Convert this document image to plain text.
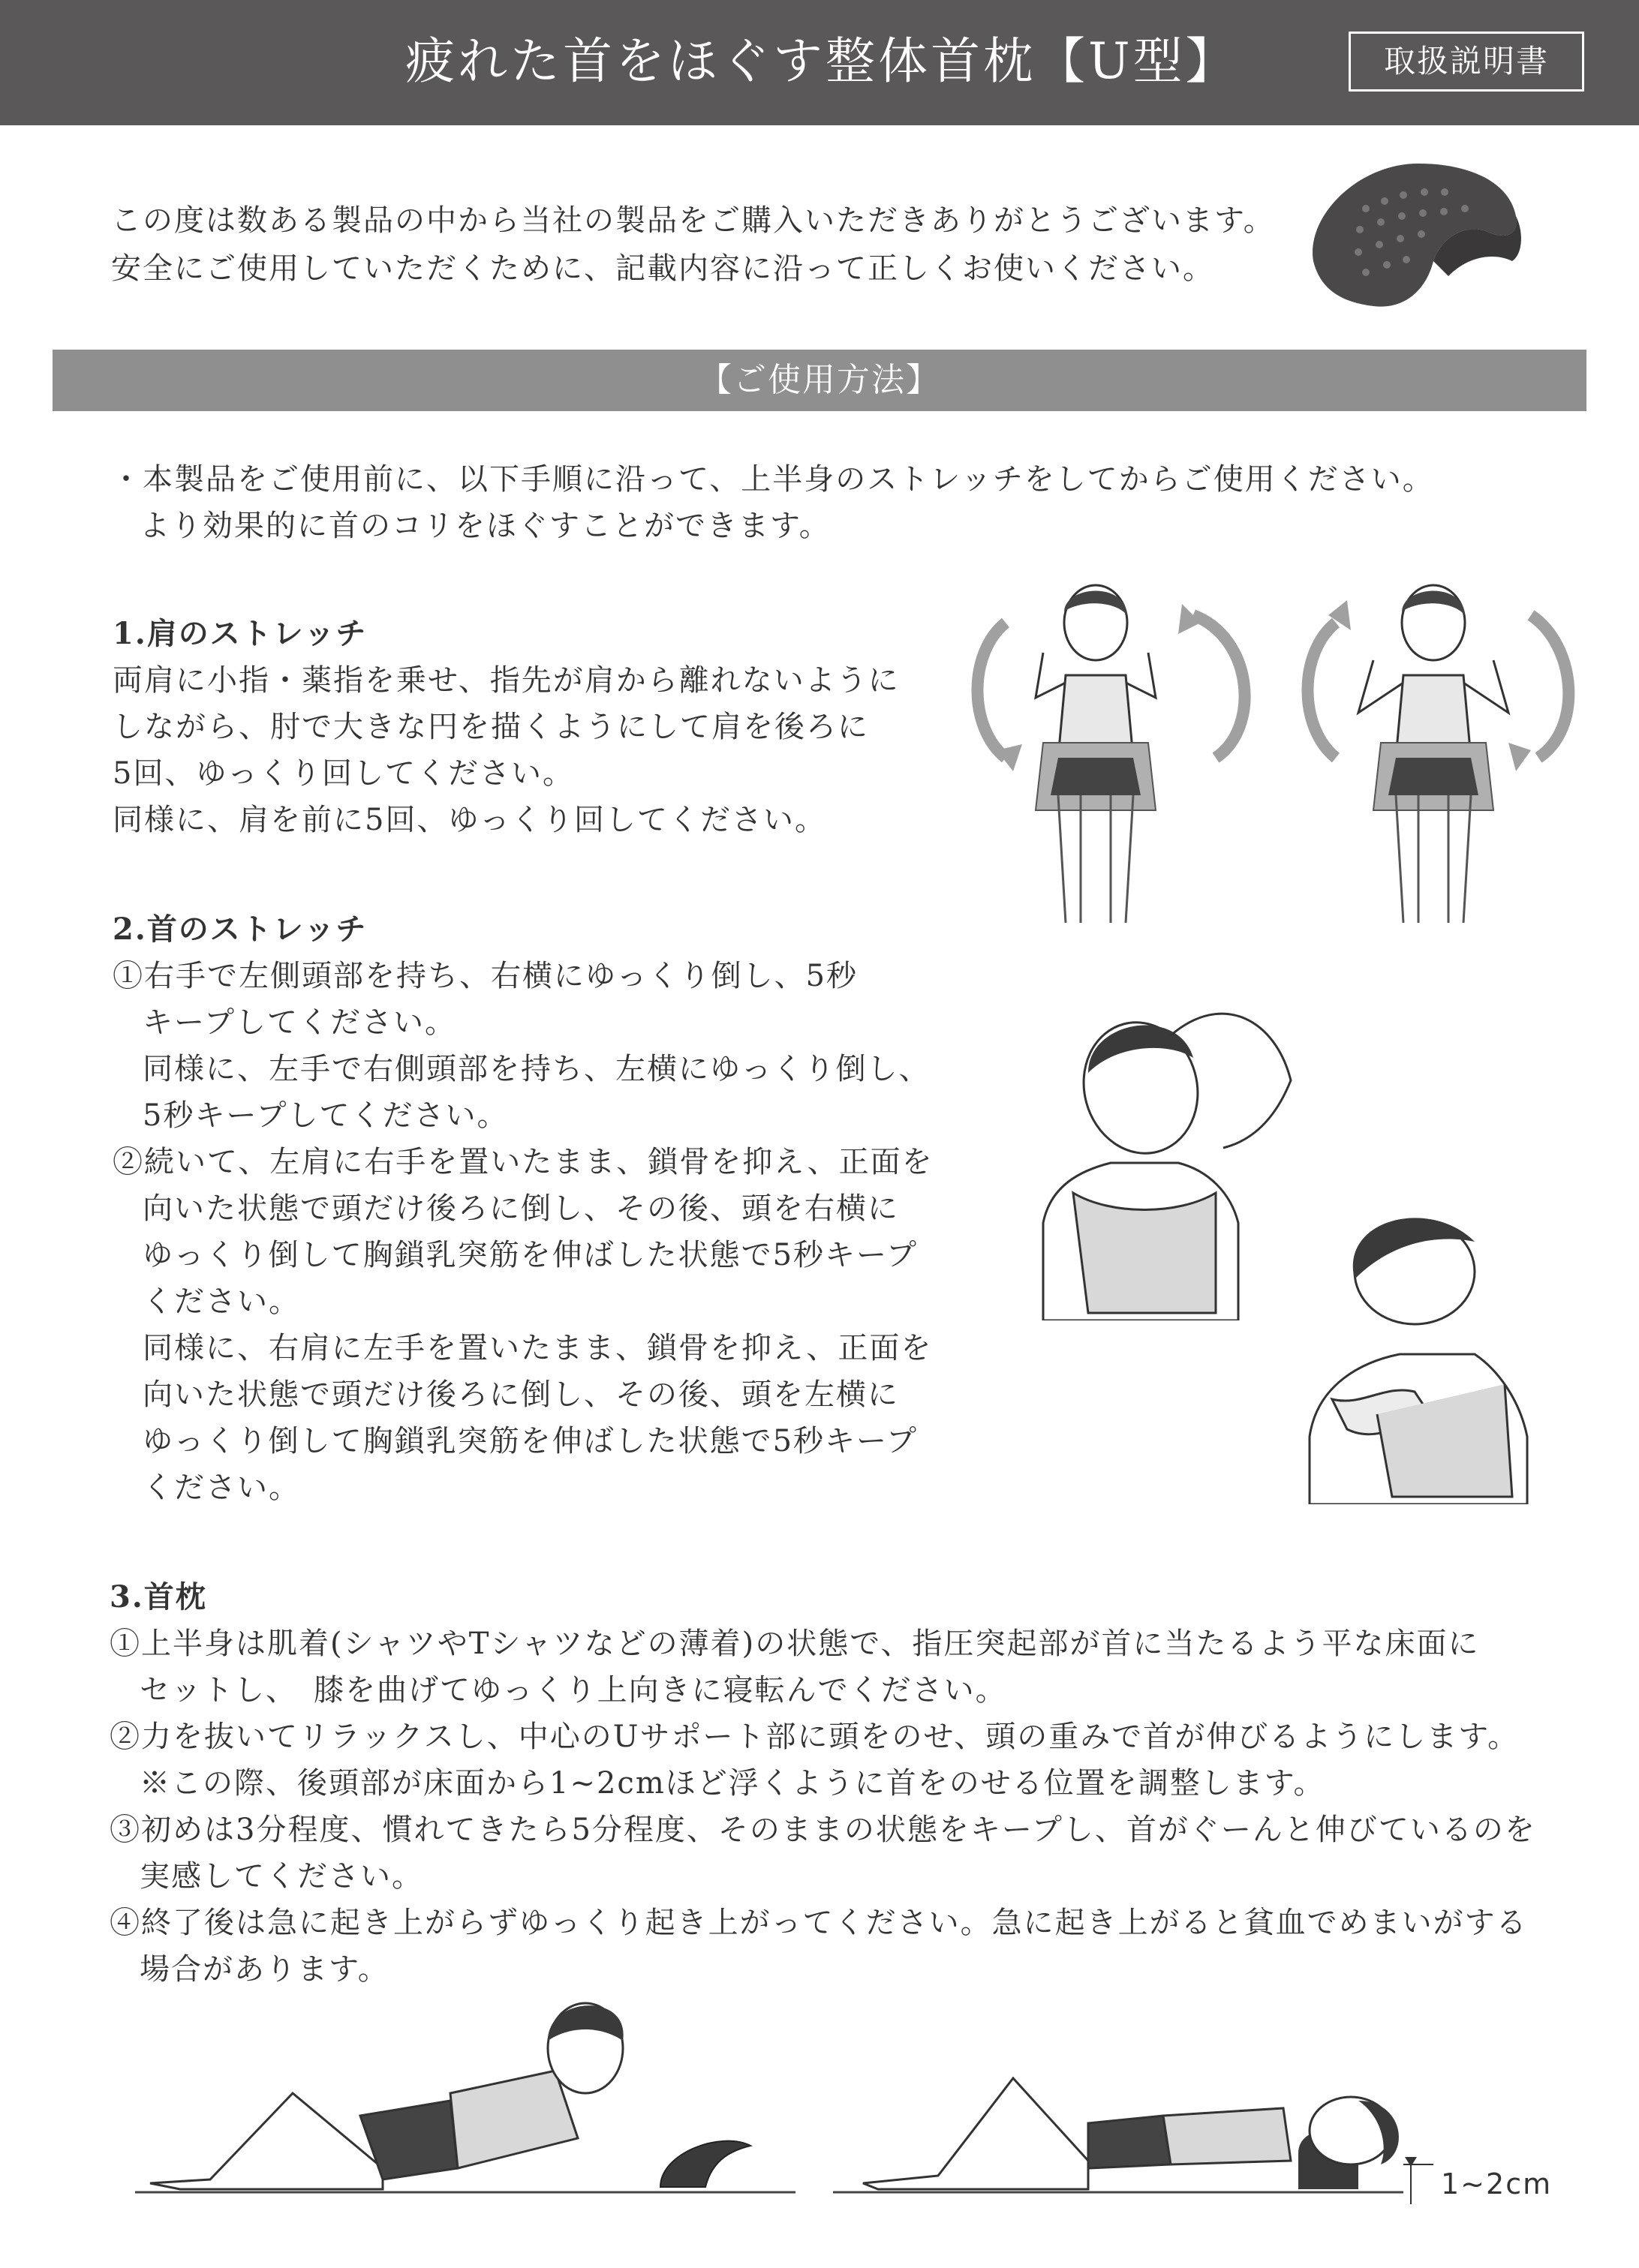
疲れた首をほぐす整体首枕【U型】	取扱説明書

この度は数ある製品の中から当社の製品をご購入いただきありがとうございます。

安全にご使用していただくために、記載内容に沿って正しくお使いください。

【ご使用方法】

・本製品をご使用前に、以下手順に沿って、上半身のストレッチをしてからご使用ください。

より効果的に首のコリをほぐすことができます。

1.肩のストレッチ

両肩に小指・薬指を乗せ、指先が肩から離れないように

しながら、肘で大きな円を描くようにして肩を後ろに

5回、ゆっくり回してください。

同様に、肩を前に5回、ゆっくり回してください。

2.首のストレッチ

①右手で左側頭部を持ち、右横にゆっくり倒し、5秒

キープしてください。

同様に、左手で右側頭部を持ち、左横にゆっくり倒し、

5秒キープしてください。

②続いて、左肩に右手を置いたまま、鎖骨を抑え、正面を

向いた状態で頭だけ後ろに倒し、その後、頭を右横に

ゆっくり倒して胸鎖乳突筋を伸ばした状態で5秒キープ

ください。

同様に、右肩に左手を置いたまま、鎖骨を抑え、正面を

向いた状態で頭だけ後ろに倒し、その後、頭を左横に

ゆっくり倒して胸鎖乳突筋を伸ばした状態で5秒キープ

ください。

3.首枕

①上半身は肌着(シャツやTシャツなどの薄着)の状態で、指圧突起部が首に当たるよう平な床面に

セットし、　膝を曲げてゆっくり上向きに寝転んでください。

②力を抜いてリラックスし、中心のUサポート部に頭をのせ、頭の重みで首が伸びるようにします。

※この際、後頭部が床面から1~2cmほど浮くように首をのせる位置を調整します。

③初めは3分程度、慣れてきたら5分程度、そのままの状態をキープし、首がぐーんと伸びているのを

実感してください。

④終了後は急に起き上がらずゆっくり起き上がってください。急に起き上がると貧血でめまいがする

場合があります。

1~2cm
